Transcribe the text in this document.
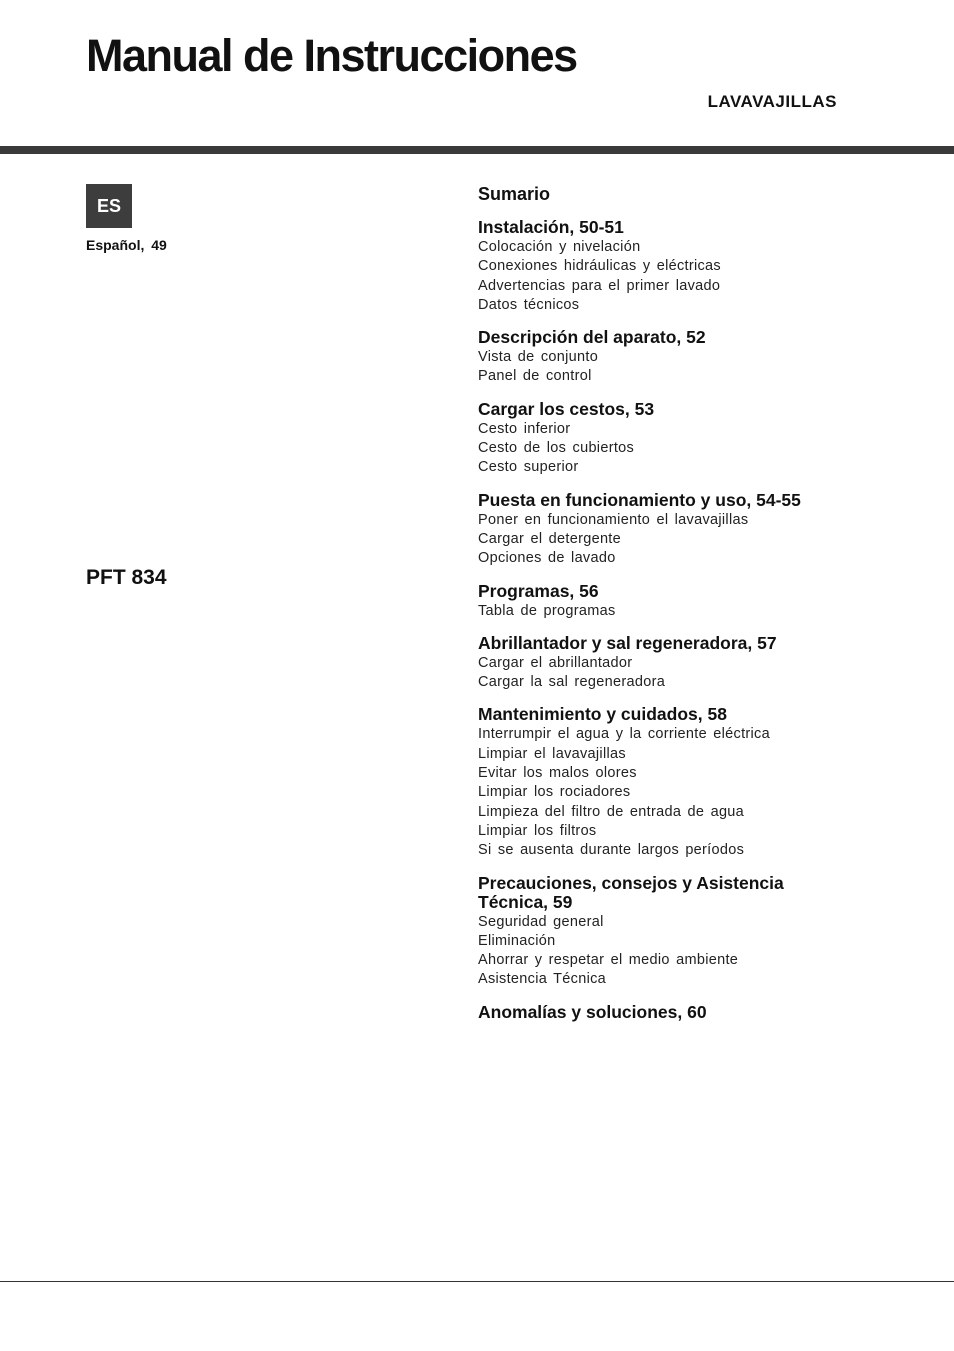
Manual de Instrucciones
LAVAVAJILLAS
ES
Español, 49
PFT 834
Sumario
Instalación, 50-51
Colocación y nivelación
Conexiones hidráulicas y eléctricas
Advertencias para el primer lavado
Datos técnicos
Descripción del aparato, 52
Vista de conjunto
Panel de control
Cargar los cestos, 53
Cesto inferior
Cesto de los cubiertos
Cesto superior
Puesta en funcionamiento y uso, 54-55
Poner en funcionamiento el lavavajillas
Cargar el detergente
Opciones de lavado
Programas, 56
Tabla de programas
Abrillantador y sal regeneradora, 57
Cargar el abrillantador
Cargar la sal regeneradora
Mantenimiento y cuidados, 58
Interrumpir el agua y la corriente eléctrica
Limpiar el lavavajillas
Evitar los malos olores
Limpiar los rociadores
Limpieza del filtro de entrada de agua
Limpiar los filtros
Si se ausenta durante largos períodos
Precauciones, consejos y Asistencia Técnica, 59
Seguridad general
Eliminación
Ahorrar y respetar el medio ambiente
Asistencia Técnica
Anomalías y soluciones, 60
